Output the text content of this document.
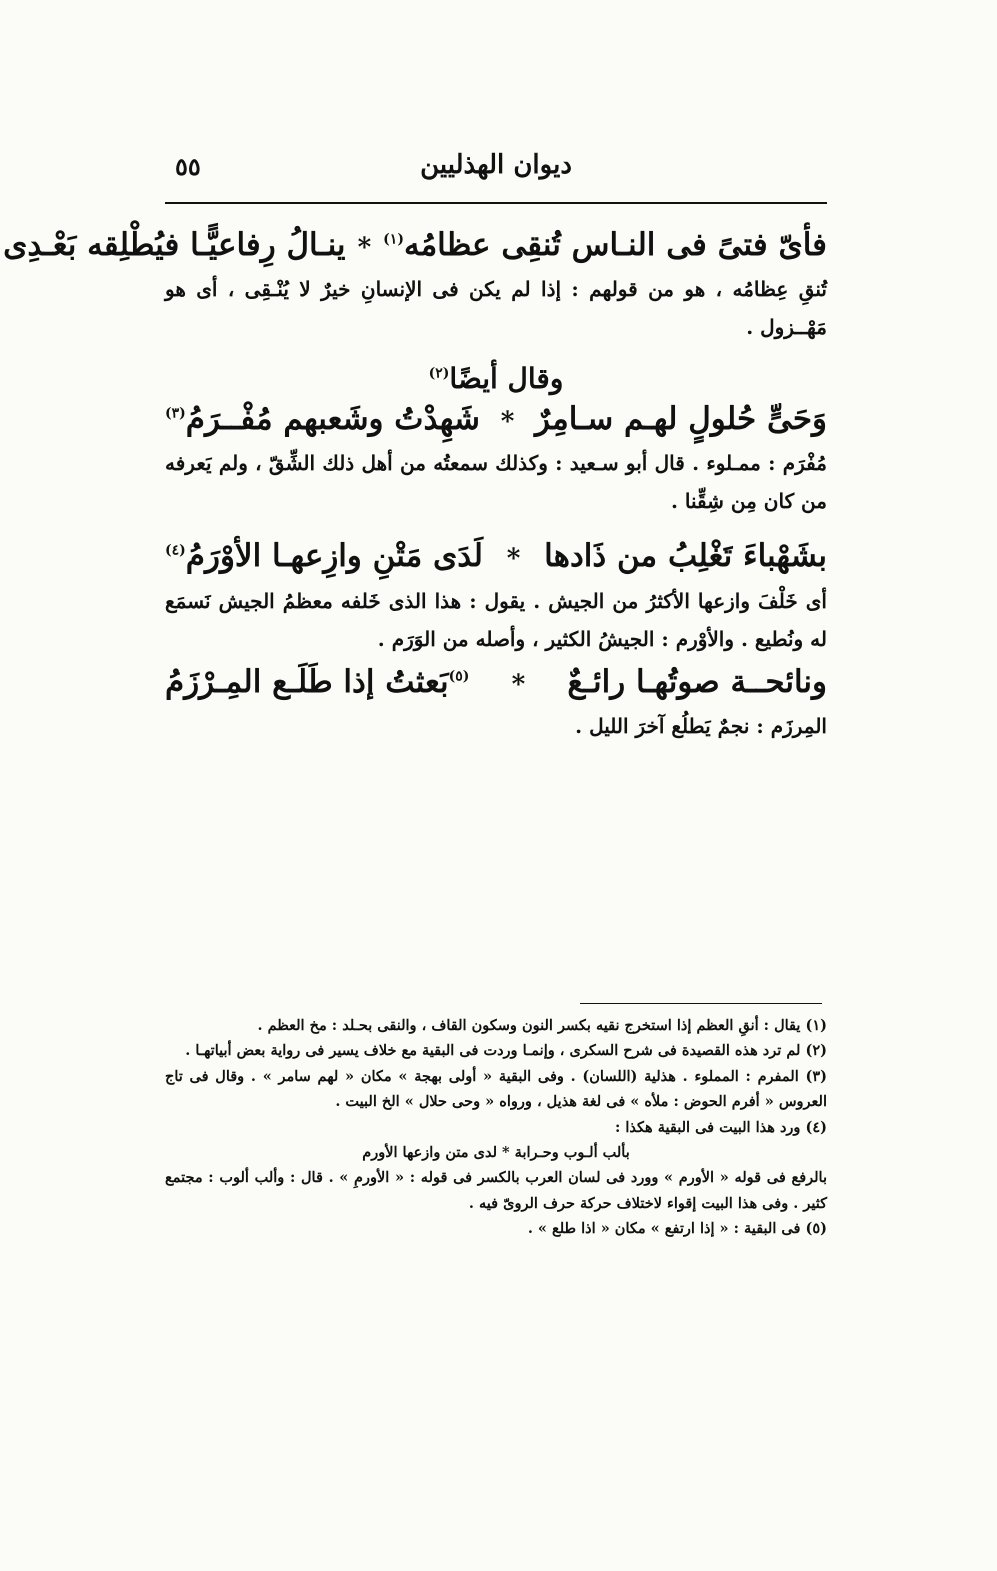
ديوان الهذليين
٥٥
فأىّ فتىً فى النـاس تُنقِى عظامُه$^{(١)}$
*
ينـالُ رِفاعيًّـا فيُطْلِقه بَعْـدِى

تُنقِ عِظامُه ، هو من قولهم : إذا لم يكن فى الإنسانِ خيرٌ لا يُنْـقِى ، أى هو مَهْــزول .

وقال أيضًا$^{(٢)}$
وَحَىٍّ حُلولٍ لهـم سـامِرٌ
*
شَهِدْتُ وشَعبهم مُفْــرَمُ$^{(٣)}$

مُفْرَم : ممـلوء . قال أبو سـعيد : وكذلك سمعتُه من أهل ذلك الشِّقّ ، ولم يَعرفه من كان مِن شِقِّنا .

بشَهْباءَ تَغْلِبُ من ذَادها
*
لَدَى مَتْنِ وازِعهـا الأوْرَمُ$^{(٤)}$

أى خَلْفَ وازعها الأكثرُ من الجيش . يقول : هذا الذى خَلفه معظمُ الجيش نَسمَع له ونُطيع . والأوْرم : الجيشُ الكثير ، وأصله من الوَرَم .

ونائحــة صوتُهـا رائـعٌ
*
$^{(٥)}$بَعثتُ إذا طَلَـع المِـرْزَمُ

المِرزَم : نجمٌ يَطلُع آخرَ الليل .

(١) يقال : أنقِ العظم إذا استخرج نقيه بكسر النون وسكون القاف ، والنقى بحـلد : مخ العظم .

(٢) لم ترد هذه القصيدة فى شرح السكرى ، وإنمـا وردت فى البقية مع خلاف يسير فى رواية بعض أبياتهـا .

(٣) المفرم : المملوء . هذلية (اللسان) . وفى البقية « أولى بهجة » مكان « لهم سامر » . وقال فى تاج العروس « أفرم الحوض : ملأه » فى لغة هذيل ، ورواه « وحى حلال » الخ البيت .

(٤) ورد هذا البيت فى البقية هكذا :

بألب ألـوب وحـرابة * لدى متن وازعها الأورم

بالرفع فى قوله « الأورم » وورد فى لسان العرب بالكسر فى قوله : « الأورمِ » . قال : وألب ألوب : مجتمع كثير . وفى هذا البيت إقواء لاختلاف حركة حرف الروىّ فيه .

(٥) فى البقية : « إذا ارتفع » مكان « اذا طلع » .
